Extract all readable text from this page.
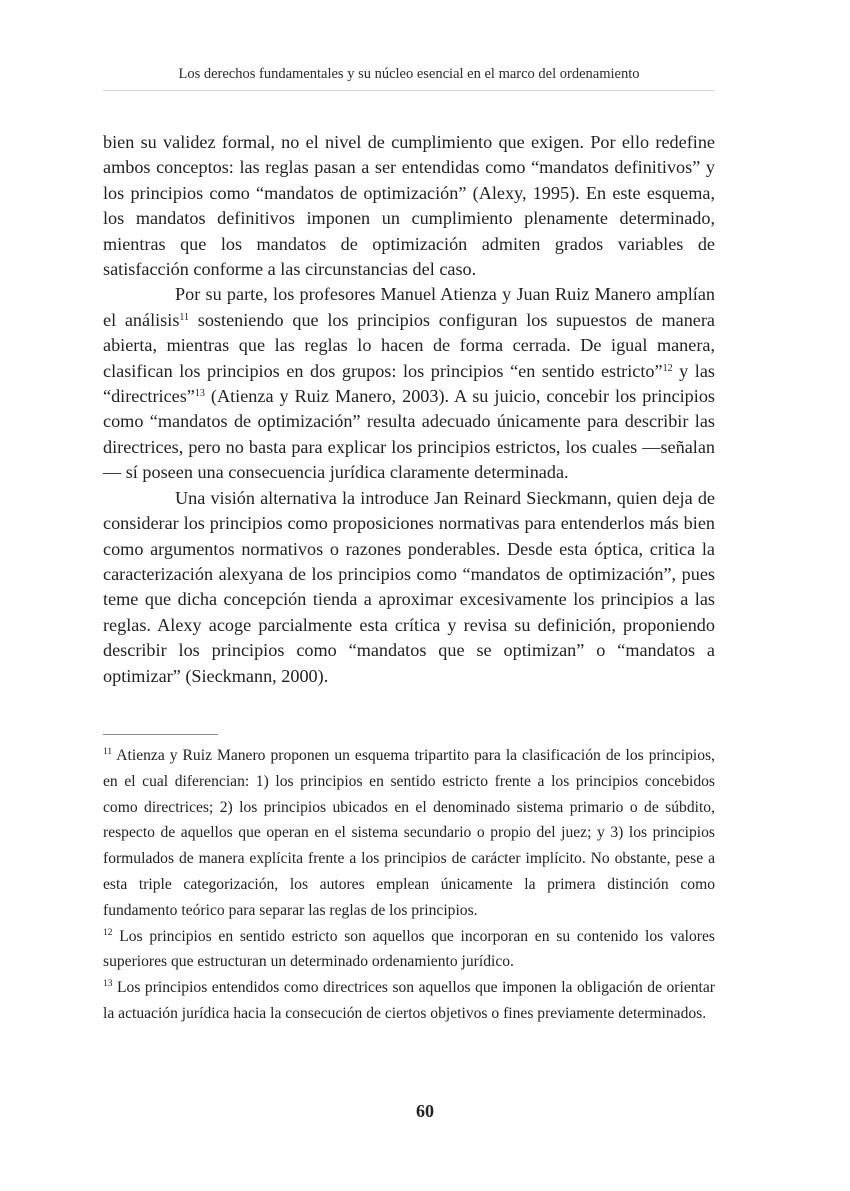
Los derechos fundamentales y su núcleo esencial en el marco del ordenamiento

bien su validez formal, no el nivel de cumplimiento que exigen. Por ello redefine ambos conceptos: las reglas pasan a ser entendidas como “mandatos definitivos” y los principios como “mandatos de optimización” (Alexy, 1995). En este esquema, los mandatos definitivos imponen un cumplimiento plenamente determinado, mientras que los mandatos de optimización admiten grados variables de satisfacción conforme a las circunstancias del caso.

Por su parte, los profesores Manuel Atienza y Juan Ruiz Manero amplían el análisis$^{11}$ sosteniendo que los principios configuran los supuestos de manera abierta, mientras que las reglas lo hacen de forma cerrada. De igual manera, clasifican los principios en dos grupos: los principios “en sentido estricto”$^{12}$ y las “directrices”$^{13}$ (Atienza y Ruiz Manero, 2003). A su juicio, concebir los principios como “mandatos de optimización” resulta adecuado únicamente para describir las directrices, pero no basta para explicar los principios estrictos, los cuales —señalan— sí poseen una consecuencia jurídica claramente determinada.

Una visión alternativa la introduce Jan Reinard Sieckmann, quien deja de considerar los principios como proposiciones normativas para entenderlos más bien como argumentos normativos o razones ponderables. Desde esta óptica, critica la caracterización alexyana de los principios como “mandatos de optimización”, pues teme que dicha concepción tienda a aproximar excesivamente los principios a las reglas. Alexy acoge parcialmente esta crítica y revisa su definición, proponiendo describir los principios como “mandatos que se optimizan” o “mandatos a optimizar” (Sieckmann, 2000).

$^{11}$ Atienza y Ruiz Manero proponen un esquema tripartito para la clasificación de los principios, en el cual diferencian: 1) los principios en sentido estricto frente a los principios concebidos como directrices; 2) los principios ubicados en el denominado sistema primario o de súbdito, respecto de aquellos que operan en el sistema secundario o propio del juez; y 3) los principios formulados de manera explícita frente a los principios de carácter implícito. No obstante, pese a esta triple categorización, los autores emplean únicamente la primera distinción como fundamento teórico para separar las reglas de los principios.

$^{12}$ Los principios en sentido estricto son aquellos que incorporan en su contenido los valores superiores que estructuran un determinado ordenamiento jurídico.

$^{13}$ Los principios entendidos como directrices son aquellos que imponen la obligación de orientar la actuación jurídica hacia la consecución de ciertos objetivos o fines previamente determinados.

60
